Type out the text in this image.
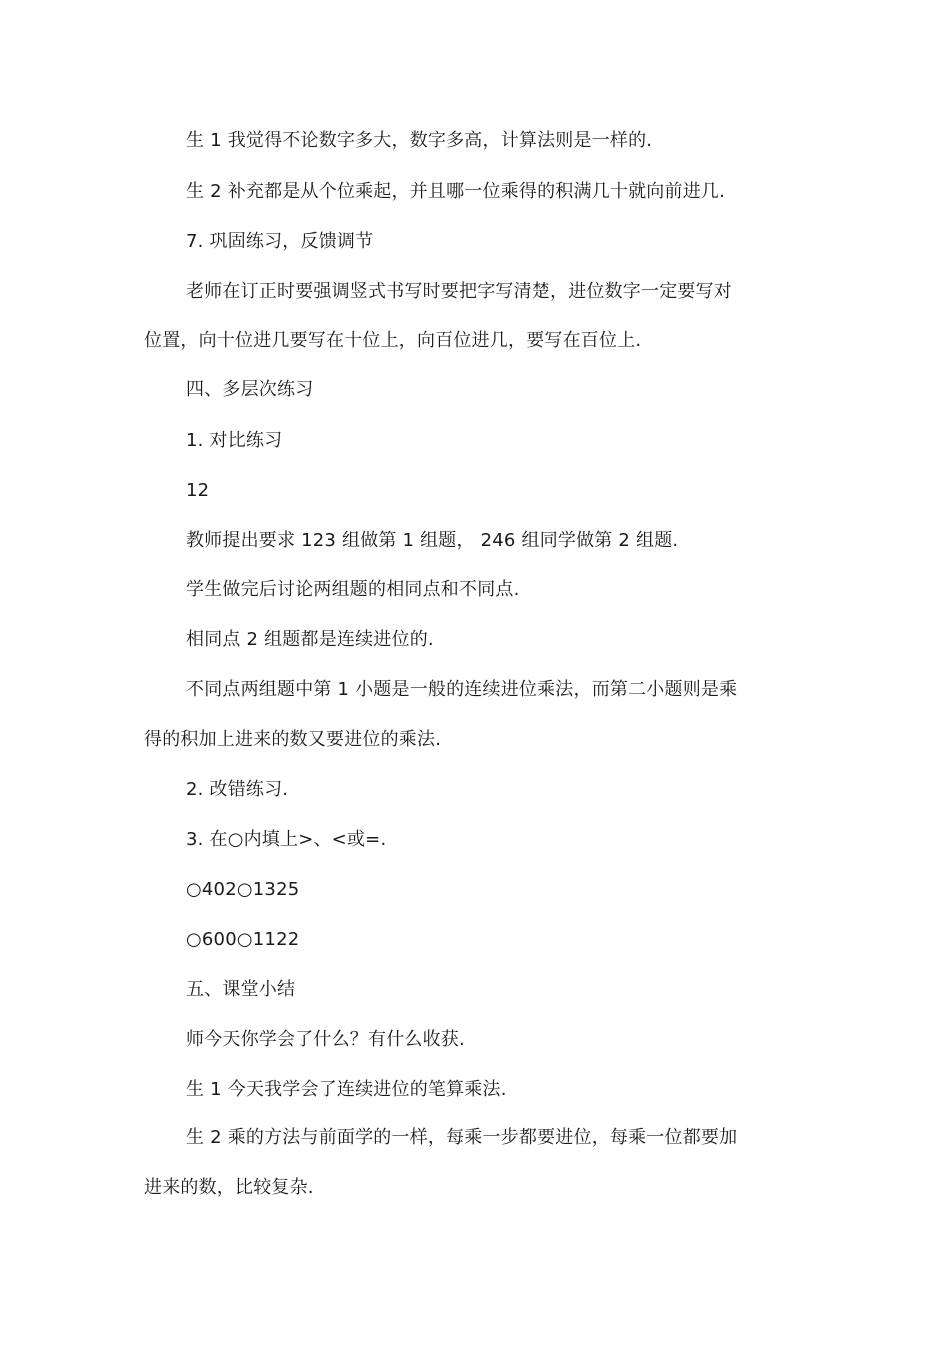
生 1 我觉得不论数字多大，数字多高，计算法则是一样的.
生 2 补充都是从个位乘起，并且哪一位乘得的积满几十就向前进几.
7. 巩固练习，反馈调节
老师在订正时要强调竖式书写时要把字写清楚，进位数字一定要写对
位置，向十位进几要写在十位上，向百位进几，要写在百位上.
四、多层次练习
1. 对比练习
12
教师提出要求 123 组做第 1 组题， 246 组同学做第 2 组题.
学生做完后讨论两组题的相同点和不同点.
相同点 2 组题都是连续进位的.
不同点两组题中第 1 小题是一般的连续进位乘法，而第二小题则是乘
得的积加上进来的数又要进位的乘法.
2. 改错练习.
3. 在○内填上>、<或=.
○402○1325
○600○1122
五、课堂小结
师今天你学会了什么？有什么收获.
生 1 今天我学会了连续进位的笔算乘法.
生 2 乘的方法与前面学的一样，每乘一步都要进位，每乘一位都要加
进来的数，比较复杂.
